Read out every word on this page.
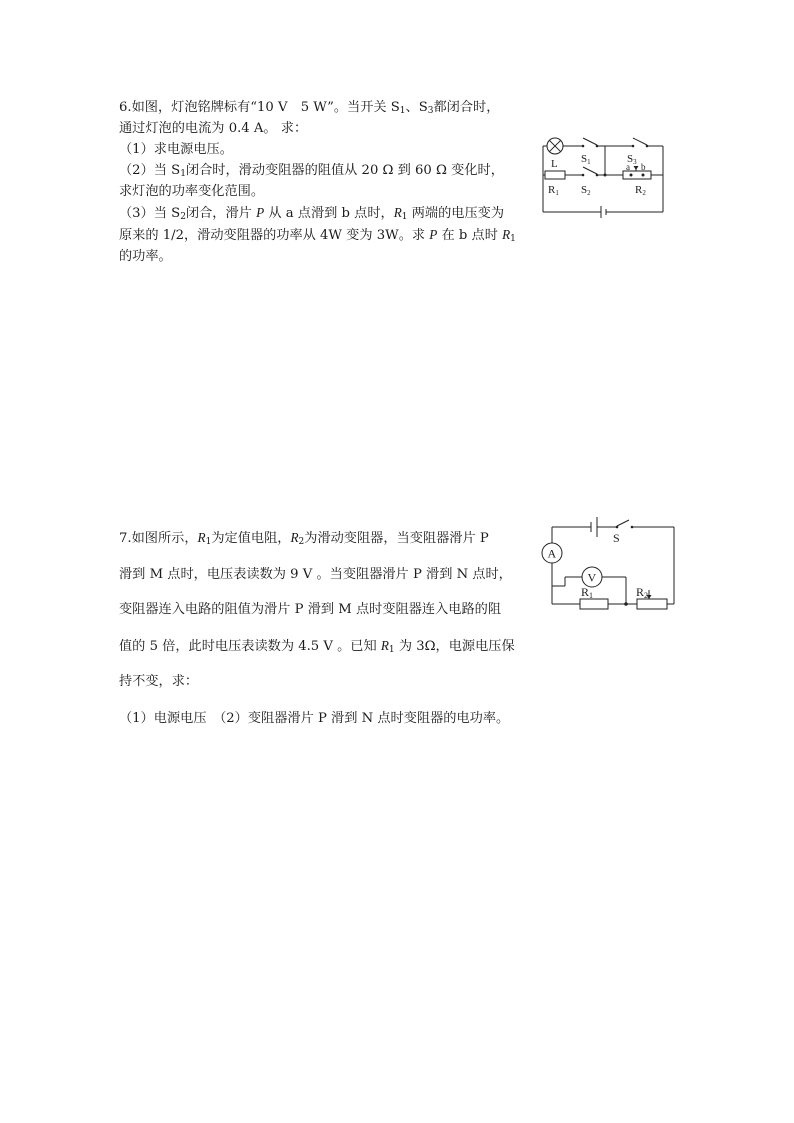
6.如图，灯泡铭牌标有“10 V　5 W”。当开关 $S_1$、$S_3$都闭合时，
通过灯泡的电流为 0.4 A。 求：
（1）求电源电压。
（2）当 $S_1$闭合时，滑动变阻器的阻值从 20 Ω 到 60 Ω 变化时，
求灯泡的功率变化范围。
（3）当 $S_2$闭合，滑片 P 从 a 点滑到 b 点时，$R_1$ 两端的电压变为
原来的 1/2，滑动变阻器的功率从 4W 变为 3W。求 P 在 b 点时 $R_1$
的功率。
L S1	S3
R1 S2	R2
a b
7.如图所示，$R_1$为定值电阻，$R_2$为滑动变阻器，当变阻器滑片 P
滑到 M 点时，电压表读数为 9 V 。当变阻器滑片 P 滑到 N 点时，
变阻器连入电路的阻值为滑片 P 滑到 M 点时变阻器连入电路的阻
值的 5 倍，此时电压表读数为 4.5 V 。已知 $R_1$ 为 3Ω，电源电压保
持不变，求：
（1）电源电压　（2）变阻器滑片 P 滑到 N 点时变阻器的电功率。
A
V
S
R1	R2
